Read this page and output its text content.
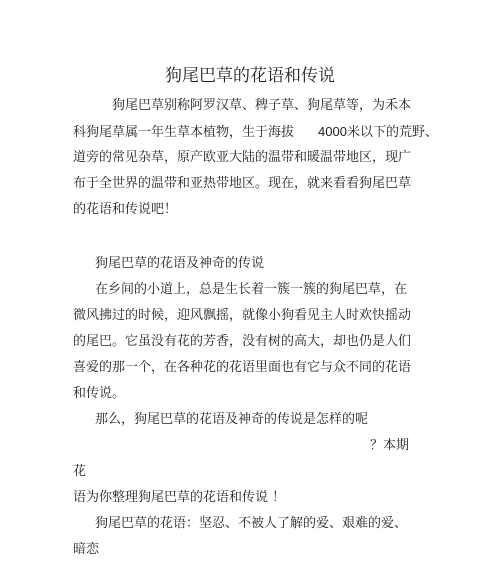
狗尾巴草的花语和传说
狗尾巴草别称阿罗汉草、稗子草、狗尾草等，为禾本
科狗尾草属一年生草本植物，生于海拔 4000米以下的荒野、
道旁的常见杂草，原产欧亚大陆的温带和暖温带地区，现广
布于全世界的温带和亚热带地区。现在，就来看看狗尾巴草
的花语和传说吧！
狗尾巴草的花语及神奇的传说
在乡间的小道上，总是生长着一簇一簇的狗尾巴草，在
微风拂过的时候，迎风飘摇，就像小狗看见主人时欢快摇动
的尾巴。它虽没有花的芳香，没有树的高大，却也仍是人们
喜爱的那一个，在各种花的花语里面也有它与众不同的花语
和传说。
那么，狗尾巴草的花语及神奇的传说是怎样的呢
？本期
花
语为你整理狗尾巴草的花语和传说 ！
狗尾巴草的花语：坚忍、不被人了解的爱、艰难的爱、
暗恋
